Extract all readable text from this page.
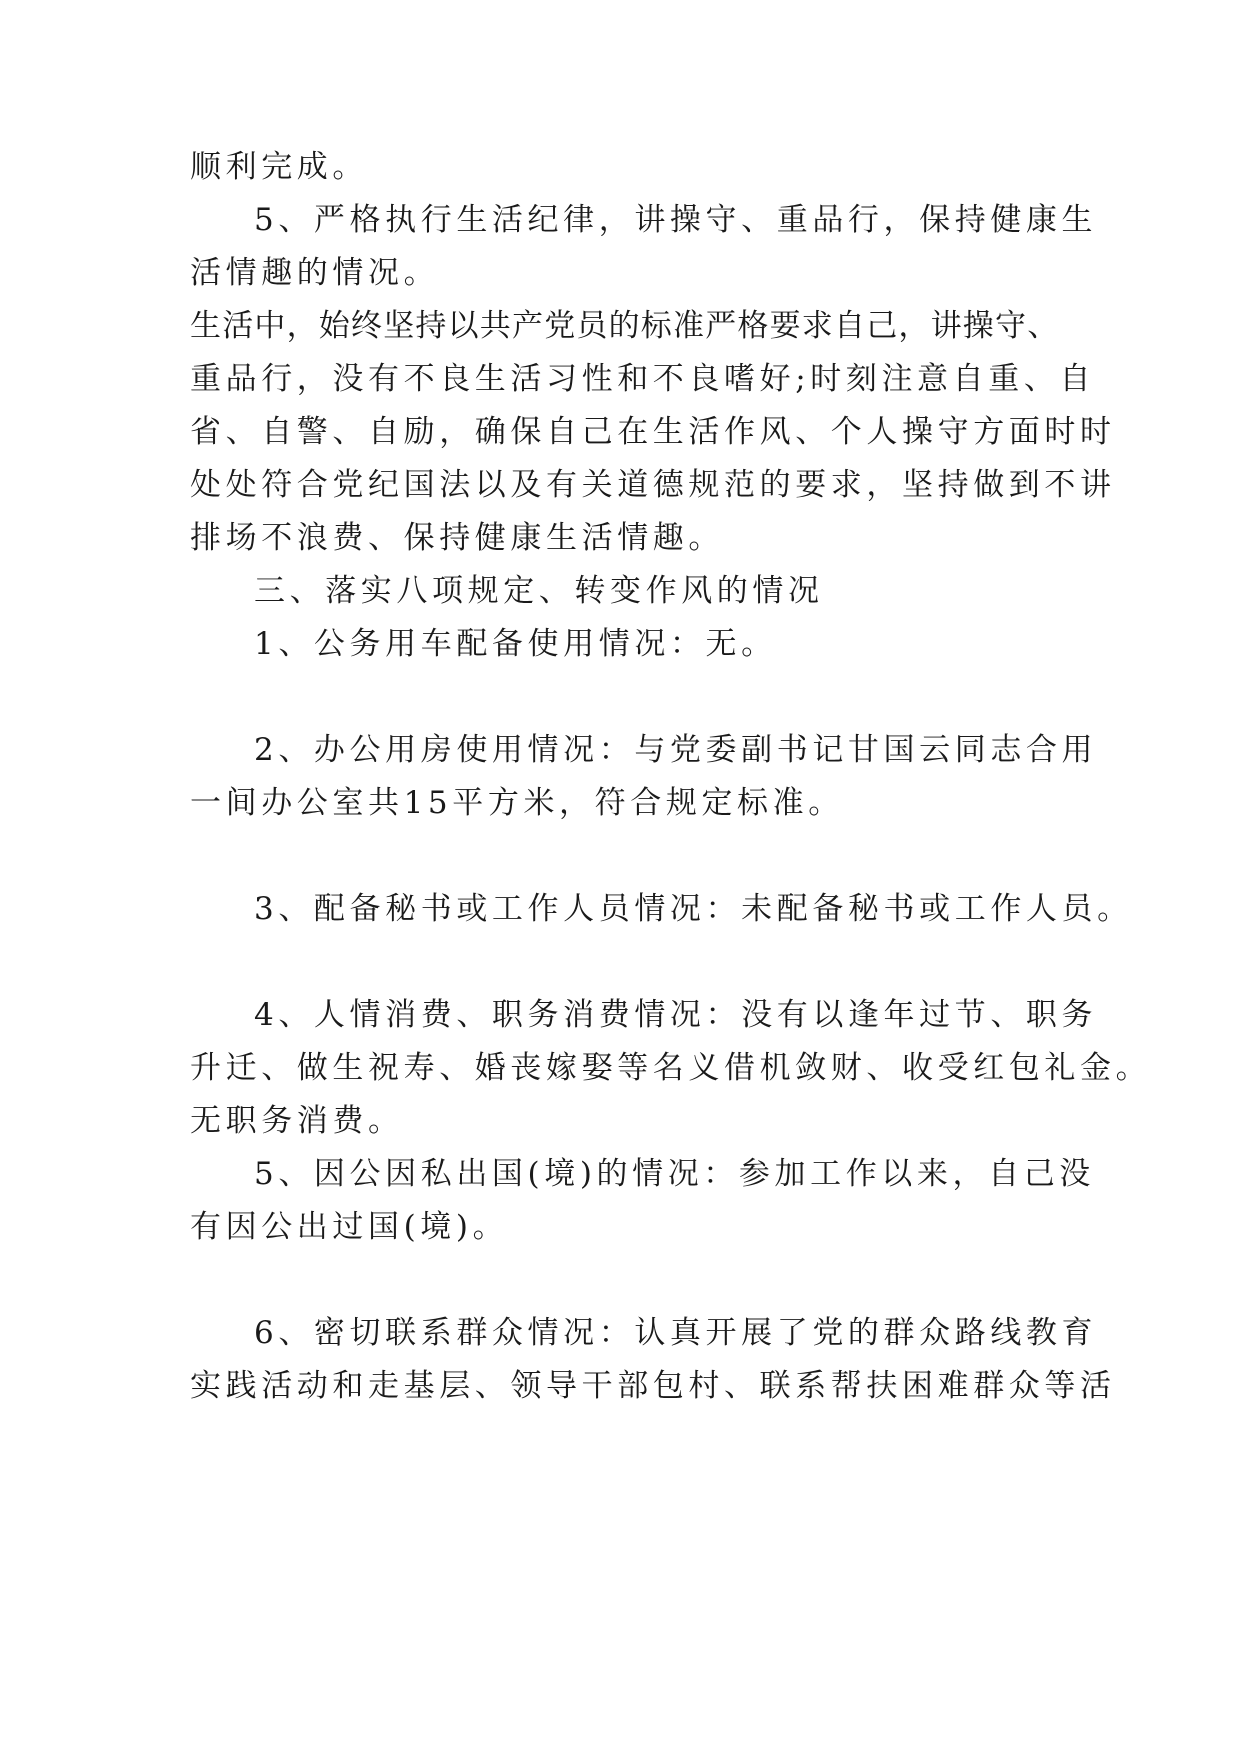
顺利完成。
5、严格执行生活纪律，讲操守、重品行，保持健康生
活情趣的情况。
生活中，始终坚持以共产党员的标准严格要求自己，讲操守、
重品行，没有不良生活习性和不良嗜好;时刻注意自重、自
省、自警、自励，确保自己在生活作风、个人操守方面时时
处处符合党纪国法以及有关道德规范的要求，坚持做到不讲
排场不浪费、保持健康生活情趣。
三、落实八项规定、转变作风的情况
1、公务用车配备使用情况：无。
2、办公用房使用情况：与党委副书记甘国云同志合用
一间办公室共15平方米，符合规定标准。
3、配备秘书或工作人员情况：未配备秘书或工作人员。
4、人情消费、职务消费情况：没有以逢年过节、职务
升迁、做生祝寿、婚丧嫁娶等名义借机敛财、收受红包礼金。
无职务消费。
5、因公因私出国(境)的情况：参加工作以来，自己没
有因公出过国(境)。
6、密切联系群众情况：认真开展了党的群众路线教育
实践活动和走基层、领导干部包村、联系帮扶困难群众等活
